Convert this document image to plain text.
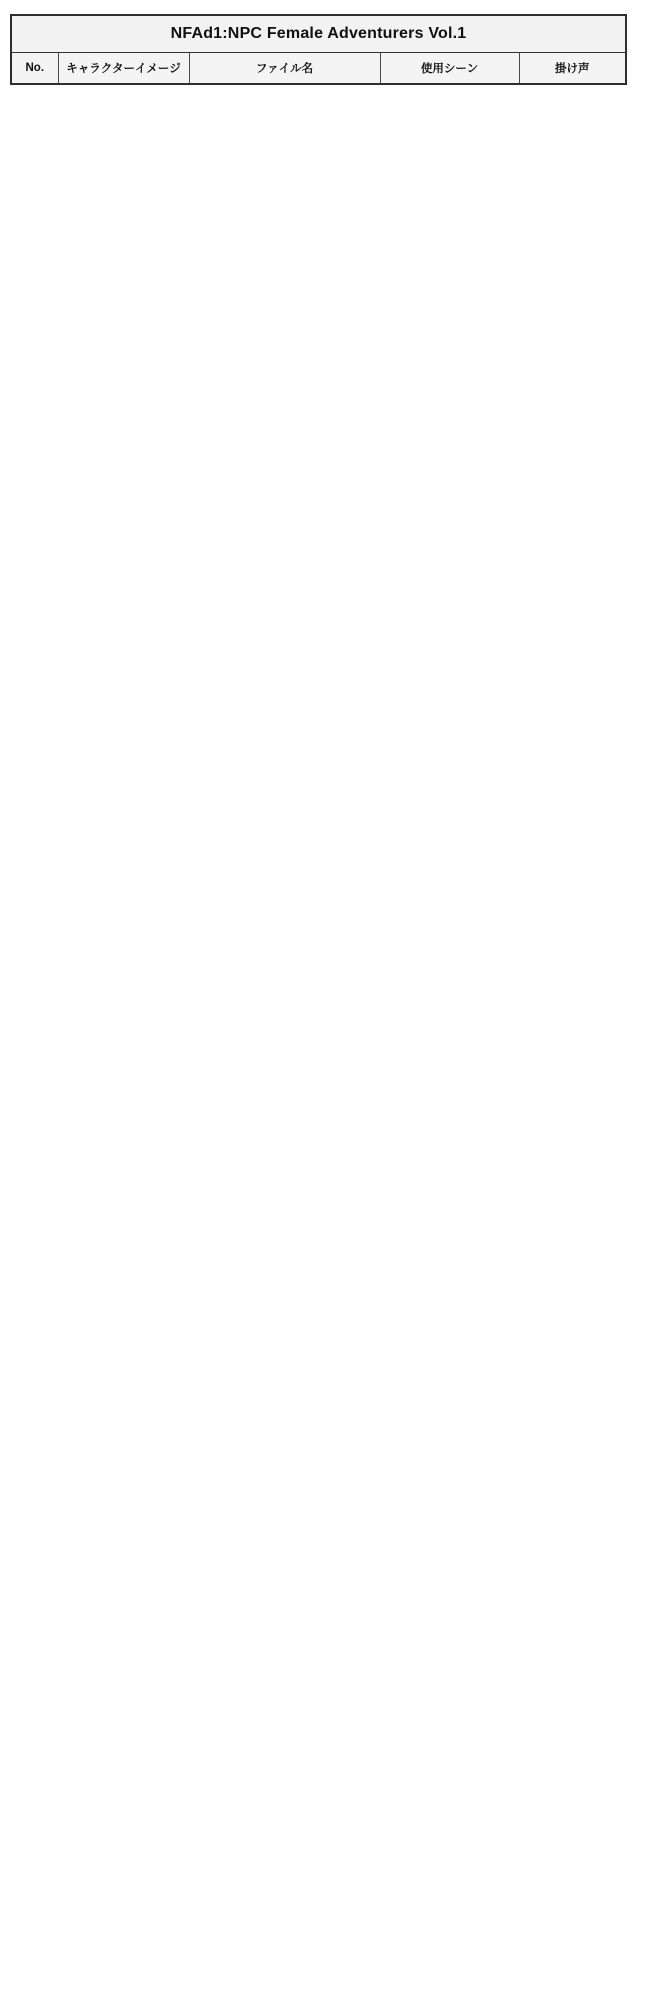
NFAd1:NPC Female Adventurers Vol.1
No.	キャラクターイメージ	ファイル名	使用シーン	掛け声
